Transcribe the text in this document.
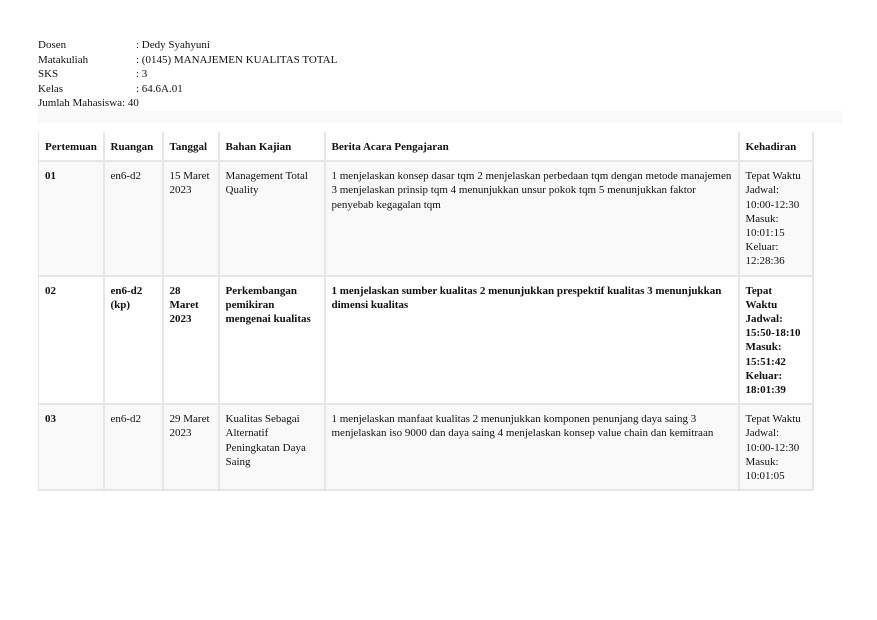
Dosen	: Dedy Syahyuni
Matakuliah	: (0145) MANAJEMEN KUALITAS TOTAL
SKS	: 3
Kelas	: 64.6A.01
Jumlah Mahasiswa : 40
Pertemuan	Ruangan	Tanggal	Bahan Kajian	Berita Acara Pengajaran	Kehadiran
01	en6-d2	15 Maret 2023	Management Total Quality	1 menjelaskan konsep dasar tqm 2 menjelaskan perbedaan tqm dengan metode manajemen 3 menjelaskan prinsip tqm 4 menunjukkan unsur pokok tqm 5 menunjukkan faktor penyebab kegagalan tqm	Tepat Waktu Jadwal: 10:00-12:30 Masuk: 10:01:15 Keluar: 12:28:36
02	en6-d2 (kp)	28 Maret 2023	Perkembangan pemikiran mengenai kualitas	1 menjelaskan sumber kualitas 2 menunjukkan prespektif kualitas 3 menunjukkan dimensi kualitas	Tepat Waktu Jadwal: 15:50-18:10 Masuk: 15:51:42 Keluar: 18:01:39
03	en6-d2	29 Maret 2023	Kualitas Sebagai Alternatif Peningkatan Daya Saing	1 menjelaskan manfaat kualitas 2 menunjukkan komponen penunjang daya saing 3 menjelaskan iso 9000 dan daya saing 4 menjelaskan konsep value chain dan kemitraan	Tepat Waktu Jadwal: 10:00-12:30 Masuk: 10:01:05
